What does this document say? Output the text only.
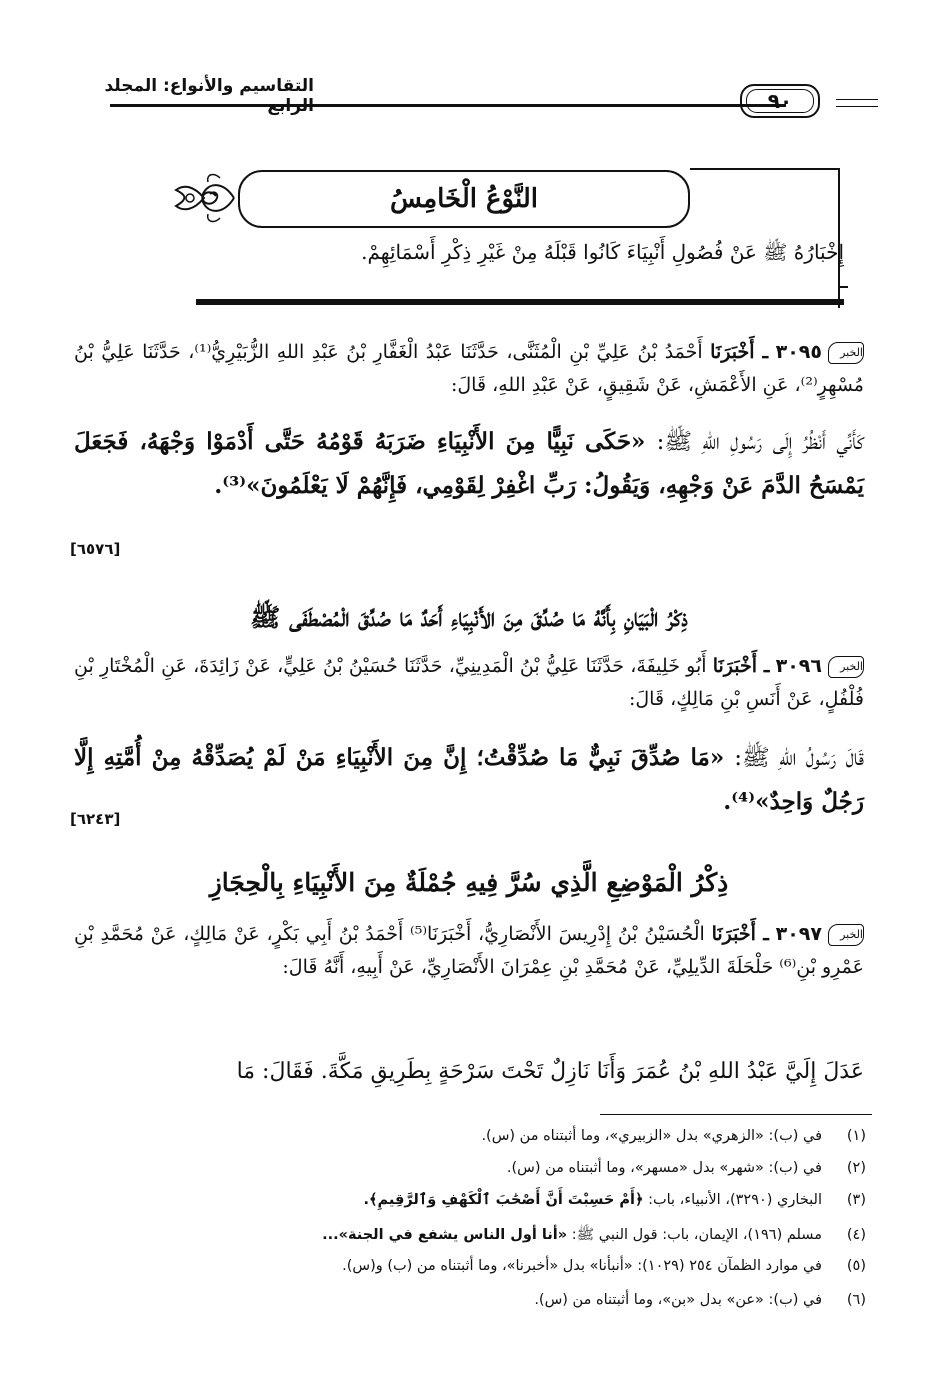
التقاسيم والأنواع: المجلد
٩٠
النَّوْعُ الْخَامِسُ
إِخْبَارُهُ ﷺ عَنْ فُصُولِ أَنْبِيَاءَ كَانُوا قَبْلَهُ مِنْ غَيْرِ ذِكْرِ أَسْمَائِهِمْ.
الخبر٣٠٩٥ ـ أَخْبَرَنَا أَحْمَدُ بْنُ عَلِيِّ بْنِ الْمُثَنَّى، حَدَّثَنَا عَبْدُ الْغَفَّارِ بْنُ عَبْدِ اللهِ الزُّبَيْرِيُّ⁽¹⁾، حَدَّثَنَا عَلِيُّ بْنُ مُسْهِرٍ⁽²⁾، عَنِ الأَعْمَشِ، عَنْ شَقِيقٍ، عَنْ عَبْدِ اللهِ، قَالَ:
كَأَنِّي أَنْظُرُ إِلَى رَسُولِ اللهِ ﷺ: «حَكَى نَبِيًّا مِنَ الأَنْبِيَاءِ ضَرَبَهُ قَوْمُهُ حَتَّى أَدْمَوْا وَجْهَهُ، فَجَعَلَ يَمْسَحُ الدَّمَ عَنْ وَجْهِهِ، وَيَقُولُ: رَبِّ اغْفِرْ لِقَوْمِي، فَإِنَّهُمْ لَا يَعْلَمُونَ»⁽³⁾.
[٦٥٧٦]
ذِكْرُ الْبَيَانِ بِأَنَّهُ مَا صُدِّقَ مِنَ الأَنْبِيَاءِ أَحَدٌ مَا صُدِّقَ الْمُصْطَفَى ﷺ
الخبر٣٠٩٦ ـ أَخْبَرَنَا أَبُو خَلِيفَةَ، حَدَّثَنَا عَلِيُّ بْنُ الْمَدِينِيِّ، حَدَّثَنَا حُسَيْنُ بْنُ عَلِيٍّ، عَنْ زَائِدَةَ، عَنِ الْمُخْتَارِ بْنِ فُلْفُلٍ، عَنْ أَنَسِ بْنِ مَالِكٍ، قَالَ:
قَالَ رَسُولُ اللهِ ﷺ: «مَا صُدِّقَ نَبِيٌّ مَا صُدِّقْتُ؛ إِنَّ مِنَ الأَنْبِيَاءِ مَنْ لَمْ يُصَدِّقْهُ مِنْ أُمَّتِهِ إِلَّا رَجُلٌ وَاحِدٌ»⁽⁴⁾.
[٦٢٤٣]
ذِكْرُ الْمَوْضِعِ الَّذِي سُرَّ فِيهِ جُمْلَةٌ مِنَ الأَنْبِيَاءِ بِالْحِجَازِ
الخبر٣٠٩٧ ـ أَخْبَرَنَا الْحُسَيْنُ بْنُ إِدْرِيسَ الأَنْصَارِيُّ، أَخْبَرَنَا⁽⁵⁾ أَحْمَدُ بْنُ أَبِي بَكْرٍ، عَنْ مَالِكٍ، عَنْ مُحَمَّدِ بْنِ عَمْرِو بْنِ⁽⁶⁾ حَلْحَلَةَ الدِّيلِيِّ، عَنْ مُحَمَّدِ بْنِ عِمْرَانَ الأَنْصَارِيِّ، عَنْ أَبِيهِ، أَنَّهُ قَالَ:
عَدَلَ إِلَيَّ عَبْدُ اللهِ بْنُ عُمَرَ وَأَنَا نَازِلٌ تَحْتَ سَرْحَةٍ بِطَرِيقِ مَكَّةَ. فَقَالَ: مَا
(١)في (ب): «الزهري» بدل «الزبيري»، وما أثبتناه من (س).
(٢)في (ب): «شهر» بدل «مسهر»، وما أثبتناه من (س).
(٣)البخاري (٣٢٩٠)، الأنبياء، باب: ﴿أَمْ حَسِبْتَ أَنَّ أَصْحَٰبَ ٱلْكَهْفِ وَٱلرَّقِيمِ﴾.
(٤)مسلم (١٩٦)، الإيمان، باب: قول النبي ﷺ: «أنا أول الناس يشفع في الجنة»...
(٥)في موارد الظمآن ٢٥٤ (١٠٢٩): «أنبأنا» بدل «أخبرنا»، وما أثبتناه من (ب) و(س).
(٦)في (ب): «عن» بدل «بن»، وما أثبتناه من (س).
